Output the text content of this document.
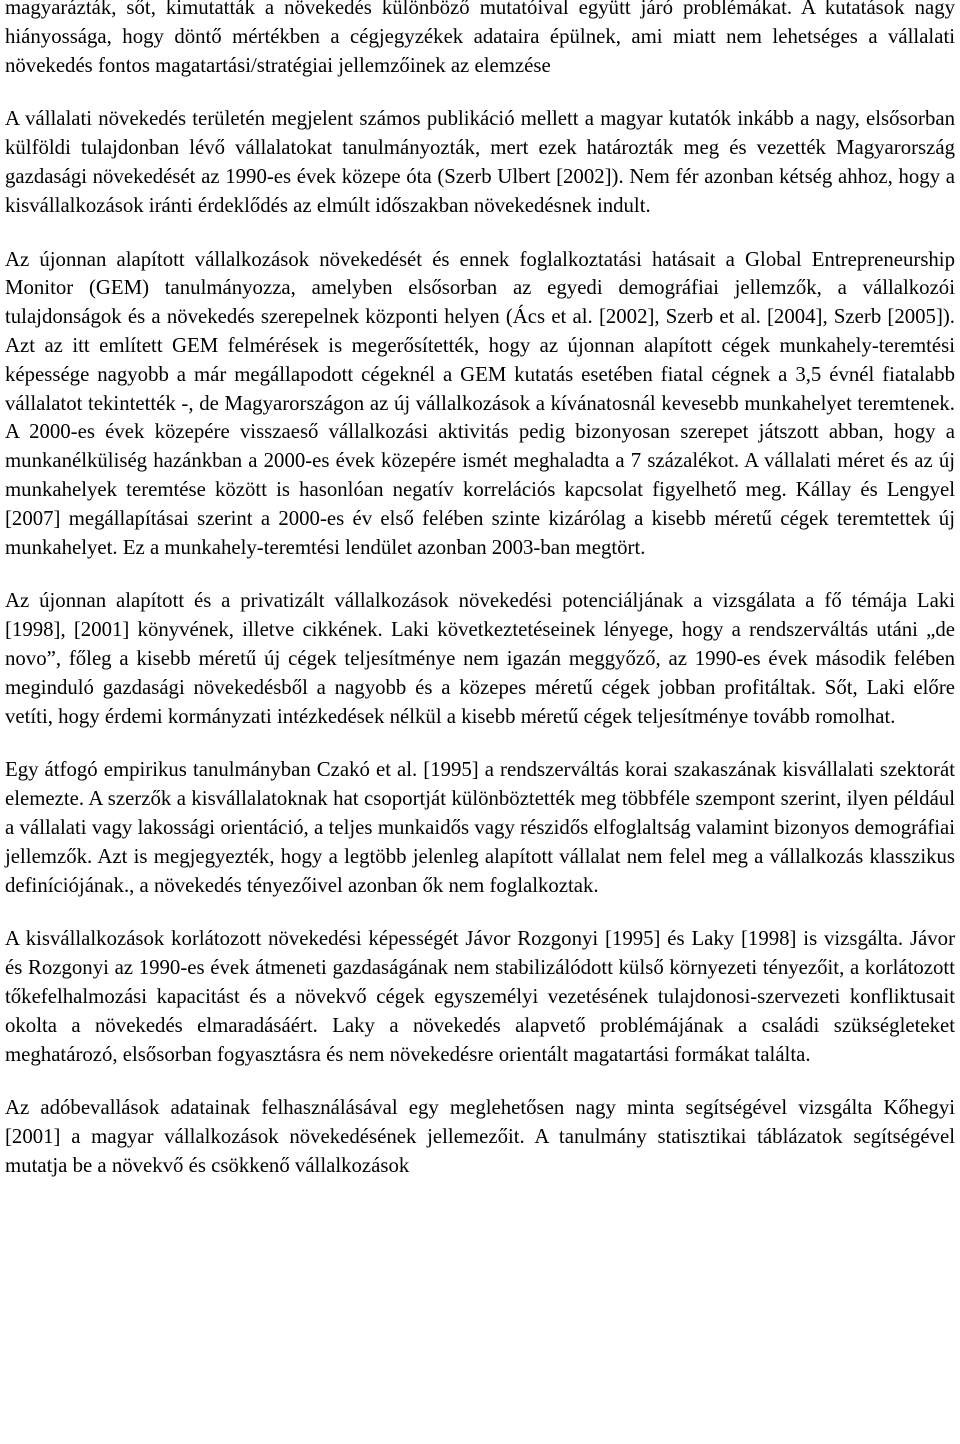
magyarázták, sőt, kimutatták a növekedés különböző mutatóival együtt járó problémákat. A kutatások nagy hiányossága, hogy döntő mértékben a cégjegyzékek adataira épülnek, ami miatt nem lehetséges a vállalati növekedés fontos magatartási/stratégiai jellemzőinek az elemzése

A vállalati növekedés területén megjelent számos publikáció mellett a magyar kutatók inkább a nagy, elsősorban külföldi tulajdonban lévő vállalatokat tanulmányozták, mert ezek határozták meg és vezették Magyarország gazdasági növekedését az 1990-es évek közepe óta (Szerb Ulbert [2002]). Nem fér azonban kétség ahhoz, hogy a kisvállalkozások iránti érdeklődés az elmúlt időszakban növekedésnek indult.

Az újonnan alapított vállalkozások növekedését és ennek foglalkoztatási hatásait a Global Entrepreneurship Monitor (GEM) tanulmányozza, amelyben elsősorban az egyedi demográfiai jellemzők, a vállalkozói tulajdonságok és a növekedés szerepelnek központi helyen (Ács et al. [2002], Szerb et al. [2004], Szerb [2005]). Azt az itt említett GEM felmérések is megerősítették, hogy az újonnan alapított cégek munkahely-teremtési képessége nagyobb a már megállapodott cégeknél a GEM kutatás esetében fiatal cégnek a 3,5 évnél fiatalabb vállalatot tekintették -, de Magyarországon az új vállalkozások a kívánatosnál kevesebb munkahelyet teremtenek. A 2000-es évek közepére visszaeső vállalkozási aktivitás pedig bizonyosan szerepet játszott abban, hogy a munkanélküliség hazánkban a 2000-es évek közepére ismét meghaladta a 7 százalékot. A vállalati méret és az új munkahelyek teremtése között is hasonlóan negatív korrelációs kapcsolat figyelhető meg. Kállay és Lengyel [2007] megállapításai szerint a 2000-es év első felében szinte kizárólag a kisebb méretű cégek teremtettek új munkahelyet. Ez a munkahely-teremtési lendület azonban 2003-ban megtört.

Az újonnan alapított és a privatizált vállalkozások növekedési potenciáljának a vizsgálata a fő témája Laki [1998], [2001] könyvének, illetve cikkének. Laki következtetéseinek lényege, hogy a rendszerváltás utáni „de novo”, főleg a kisebb méretű új cégek teljesítménye nem igazán meggyőző, az 1990-es évek második felében meginduló gazdasági növekedésből a nagyobb és a közepes méretű cégek jobban profitáltak. Sőt, Laki előre vetíti, hogy érdemi kormányzati intézkedések nélkül a kisebb méretű cégek teljesítménye tovább romolhat.

Egy átfogó empirikus tanulmányban Czakó et al. [1995] a rendszerváltás korai szakaszának kisvállalati szektorát elemezte. A szerzők a kisvállalatoknak hat csoportját különböztették meg többféle szempont szerint, ilyen például a vállalati vagy lakossági orientáció, a teljes munkaidős vagy részidős elfoglaltság valamint bizonyos demográfiai jellemzők. Azt is megjegyezték, hogy a legtöbb jelenleg alapított vállalat nem felel meg a vállalkozás klasszikus definíciójának., a növekedés tényezőivel azonban ők nem foglalkoztak.

A kisvállalkozások korlátozott növekedési képességét Jávor Rozgonyi [1995] és Laky [1998] is vizsgálta. Jávor és Rozgonyi az 1990-es évek átmeneti gazdaságának nem stabilizálódott külső környezeti tényezőit, a korlátozott tőkefelhalmozási kapacitást és a növekvő cégek egyszemélyi vezetésének tulajdonosi-szervezeti konfliktusait okolta a növekedés elmaradásáért. Laky a növekedés alapvető problémájának a családi szükségleteket meghatározó, elsősorban fogyasztásra és nem növekedésre orientált magatartási formákat találta.

Az adóbevallások adatainak felhasználásával egy meglehetősen nagy minta segítségével vizsgálta Kőhegyi [2001] a magyar vállalkozások növekedésének jellemezőit. A tanulmány statisztikai táblázatok segítségével mutatja be a növekvő és csökkenő vállalkozások
